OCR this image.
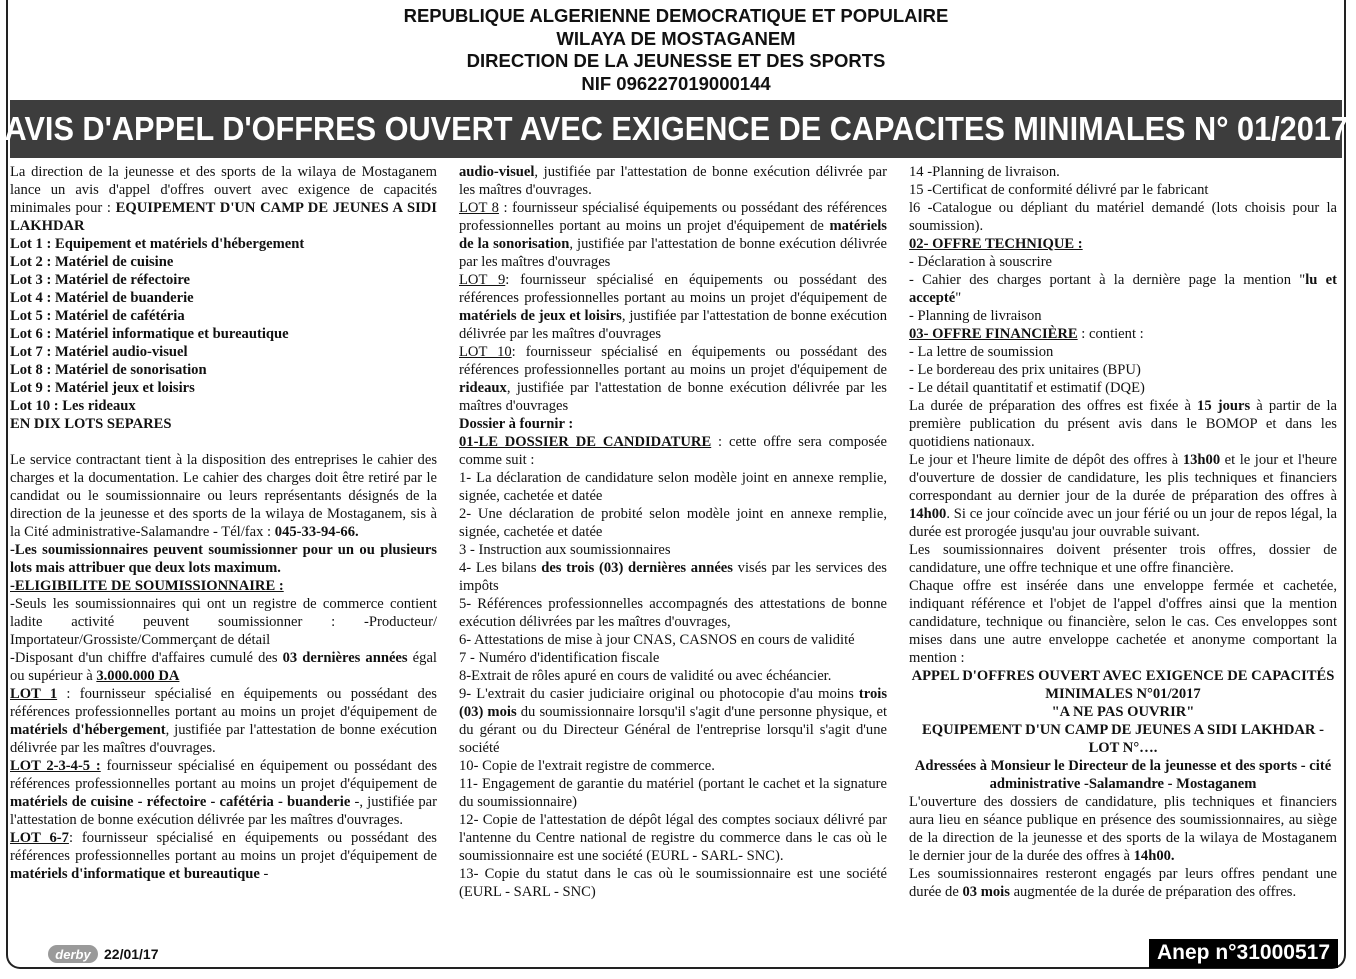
REPUBLIQUE ALGERIENNE DEMOCRATIQUE ET POPULAIRE
WILAYA DE MOSTAGANEM
DIRECTION DE LA JEUNESSE ET DES SPORTS
NIF 096227019000144
AVIS D'APPEL D'OFFRES OUVERT AVEC EXIGENCE DE CAPACITES MINIMALES N° 01/2017

La direction de la jeunesse et des sports de la wilaya de Mostaganem lance un avis d'appel d'offres ouvert avec exigence de capacités minimales pour : EQUIPEMENT D'UN CAMP DE JEUNES A SIDI LAKHDAR

Lot 1 : Equipement et matériels d'hébergement
Lot 2 : Matériel de cuisine
Lot 3 : Matériel de réfectoire
Lot 4 : Matériel de buanderie
Lot 5 : Matériel de cafétéria
Lot 6 : Matériel informatique et bureautique
Lot 7 : Matériel audio-visuel
Lot 8 : Matériel de sonorisation
Lot 9 : Matériel jeux et loisirs
Lot 10 : Les rideaux
EN DIX LOTS SEPARES

Le service contractant tient à la disposition des entreprises le cahier des charges et la documentation. Le cahier des charges doit être retiré par le candidat ou le soumissionnaire ou leurs représentants désignés de la direction de la jeunesse et des sports de la wilaya de Mostaganem, sis à la Cité administrative-Salamandre - Tél/fax : 045-33-94-66.

-Les soumissionnaires peuvent soumissionner pour un ou plusieurs lots mais attribuer que deux lots maximum.

-ELIGIBILITE DE SOUMISSIONNAIRE :

-Seuls les soumissionnaires qui ont un registre de commerce contient ladite activité peuvent soumissionner : -Producteur/ Importateur/Grossiste/Commerçant de détail

-Disposant d'un chiffre d'affaires cumulé des 03 dernières années égal ou supérieur à 3.000.000 DA

LOT 1 : fournisseur spécialisé en équipements ou possédant des références professionnelles portant au moins un projet d'équipement de matériels d'hébergement, justifiée par l'attestation de bonne exécution délivrée par les maîtres d'ouvrages.

LOT 2-3-4-5 : fournisseur spécialisé en équipement ou possédant des références professionnelles portant au moins un projet d'équipement de matériels de cuisine - réfectoire - cafétéria - buanderie -, justifiée par l'attestation de bonne exécution délivrée par les maîtres d'ouvrages.

LOT 6-7: fournisseur spécialisé en équipements ou possédant des références professionnelles portant au moins un projet d'équipement de matériels d'informatique et bureautique -

audio-visuel, justifiée par l'attestation de bonne exécution délivrée par les maîtres d'ouvrages.

LOT 8 : fournisseur spécialisé équipements ou possédant des références professionnelles portant au moins un projet d'équipement de matériels de la sonorisation, justifiée par l'attestation de bonne exécution délivrée par les maîtres d'ouvrages

LOT 9: fournisseur spécialisé en équipements ou possédant des références professionnelles portant au moins un projet d'équipement de matériels de jeux et loisirs, justifiée par l'attestation de bonne exécution délivrée par les maîtres d'ouvrages

LOT 10: fournisseur spécialisé en équipements ou possédant des références professionnelles portant au moins un projet d'équipement de rideaux, justifiée par l'attestation de bonne exécution délivrée par les maîtres d'ouvrages

Dossier à fournir :

01-LE DOSSIER DE CANDIDATURE : cette offre sera composée comme suit :

1- La déclaration de candidature selon modèle joint en annexe remplie, signée, cachetée et datée

2- Une déclaration de probité selon modèle joint en annexe remplie, signée, cachetée et datée

3 - Instruction aux soumissionnaires

4- Les bilans des trois (03) dernières années visés par les services des impôts

5- Références professionnelles accompagnés des attestations de bonne exécution délivrées par les maîtres d'ouvrages,

6- Attestations de mise à jour CNAS, CASNOS en cours de validité

7 - Numéro d'identification fiscale

8-Extrait de rôles apuré en cours de validité ou avec échéancier.

9- L'extrait du casier judiciaire original ou photocopie d'au moins trois (03) mois du soumissionnaire lorsqu'il s'agit d'une personne physique, et du gérant ou du Directeur Général de l'entreprise lorsqu'il s'agit d'une société

10- Copie de l'extrait registre de commerce.

11- Engagement de garantie du matériel (portant le cachet et la signature du soumissionnaire)

12- Copie de l'attestation de dépôt légal des comptes sociaux délivré par l'antenne du Centre national de registre du commerce dans le cas où le soumissionnaire est une société (EURL - SARL- SNC).

13- Copie du statut dans le cas où le soumissionnaire est une société (EURL - SARL - SNC)

14 -Planning de livraison.

15 -Certificat de conformité délivré par le fabricant

l6 -Catalogue ou dépliant du matériel demandé (lots choisis pour la soumission).

02- OFFRE TECHNIQUE :

- Déclaration à souscrire

- Cahier des charges portant à la dernière page la mention "lu et accepté"

- Planning de livraison

03- OFFRE FINANCIÈRE : contient :

- La lettre de soumission

- Le bordereau des prix unitaires (BPU)

- Le détail quantitatif et estimatif (DQE)

La durée de préparation des offres est fixée à 15 jours à partir de la première publication du présent avis dans le BOMOP et dans les quotidiens nationaux.

Le jour et l'heure limite de dépôt des offres à 13h00 et le jour et l'heure d'ouverture de dossier de candidature, les plis techniques et financiers correspondant au dernier jour de la durée de préparation des offres à 14h00. Si ce jour coïncide avec un jour férié ou un jour de repos légal, la durée est prorogée jusqu'au jour ouvrable suivant.

Les soumissionnaires doivent présenter trois offres, dossier de candidature, une offre technique et une offre financière.

Chaque offre est insérée dans une enveloppe fermée et cachetée, indiquant référence et l'objet de l'appel d'offres ainsi que la mention candidature, technique ou financière, selon le cas. Ces enveloppes sont mises dans une autre enveloppe cachetée et anonyme comportant la mention :

APPEL D'OFFRES OUVERT AVEC EXIGENCE DE CAPACITÉS MINIMALES N°01/2017

"A NE PAS OUVRIR"

EQUIPEMENT D'UN CAMP DE JEUNES A SIDI LAKHDAR - LOT N°….

Adressées à Monsieur le Directeur de la jeunesse et des sports - cité administrative -Salamandre - Mostaganem

L'ouverture des dossiers de candidature, plis techniques et financiers aura lieu en séance publique en présence des soumissionnaires, au siège de la direction de la jeunesse et des sports de la wilaya de Mostaganem le dernier jour de la durée des offres à 14h00.

Les soumissionnaires resteront engagés par leurs offres pendant une durée de 03 mois augmentée de la durée de préparation des offres.

derby 22/01/17	Anep n°31000517
